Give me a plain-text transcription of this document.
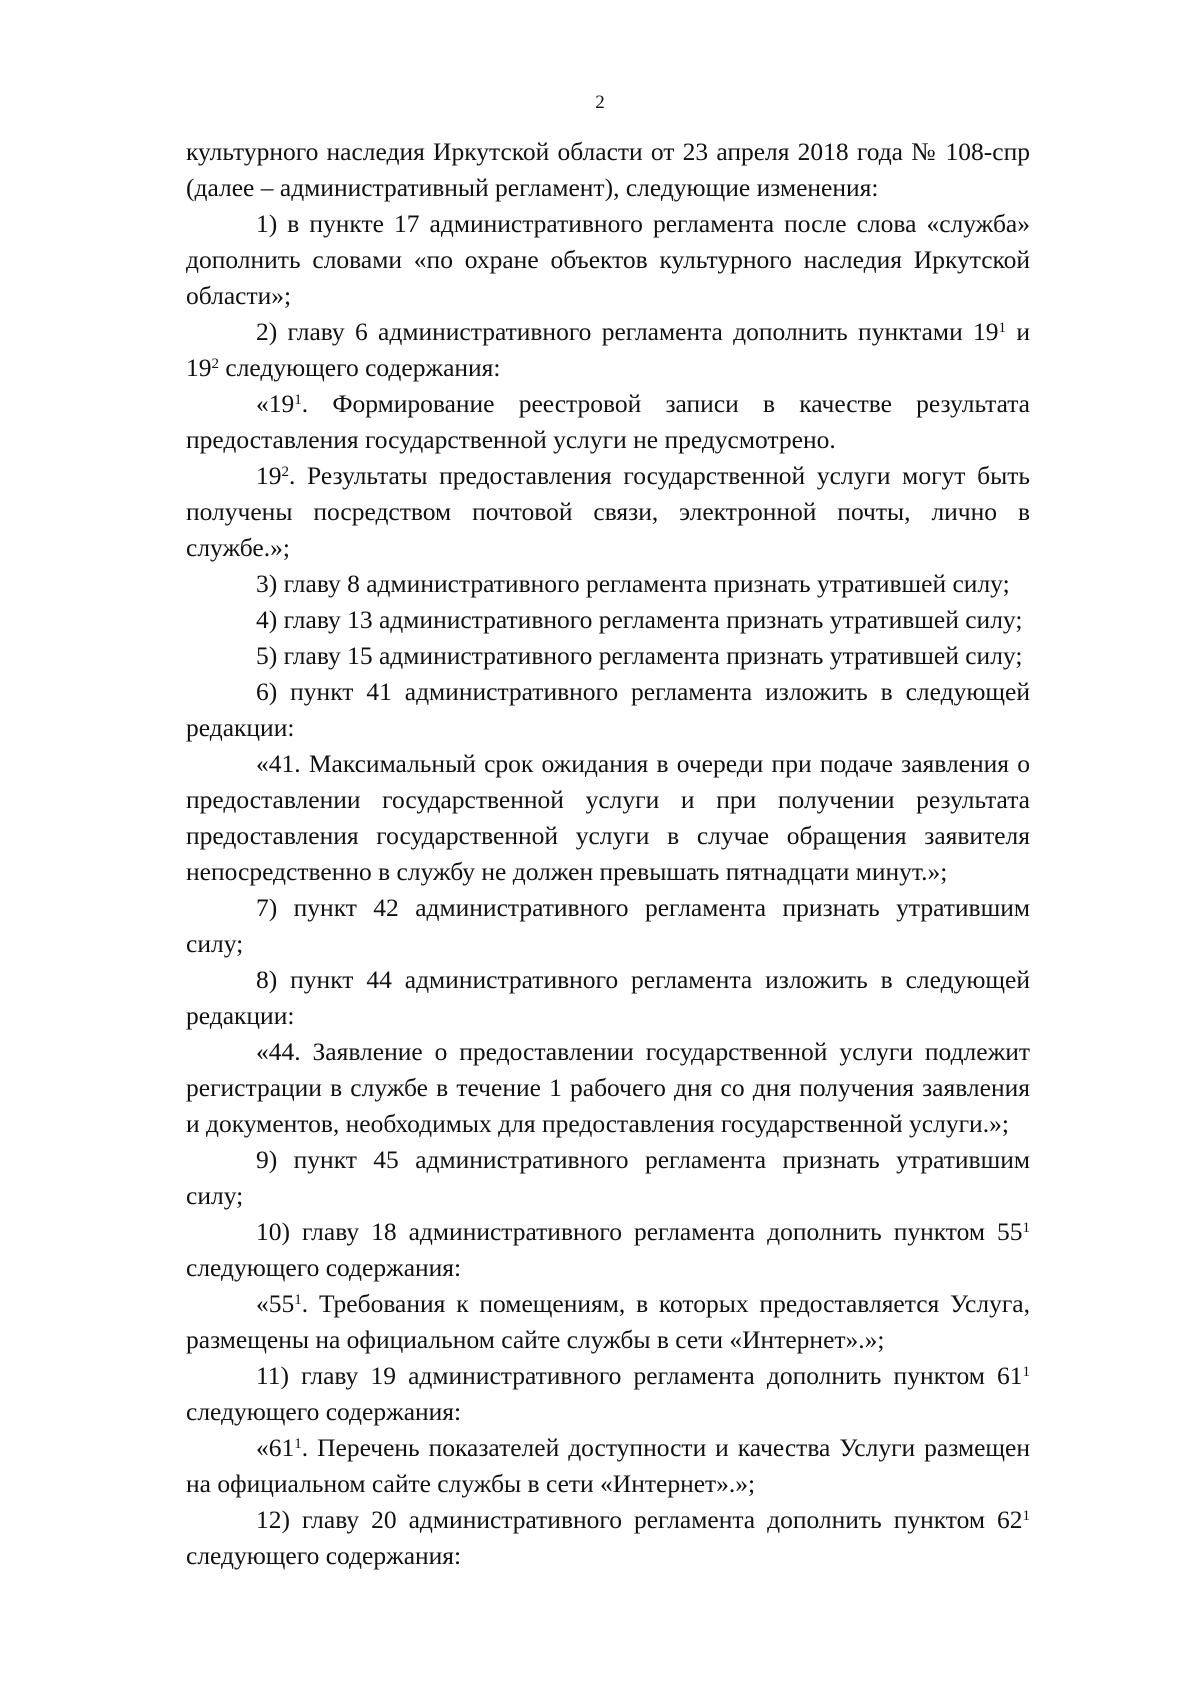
2

культурного наследия Иркутской области от 23 апреля 2018 года № 108-спр (далее – административный регламент), следующие изменения:

1) в пункте 17 административного регламента после слова «служба» дополнить словами «по охране объектов культурного наследия Иркутской области»;

2) главу 6 административного регламента дополнить пунктами $19^1$ и $19^2$ следующего содержания:

«$19^1$. Формирование реестровой записи в качестве результата предоставления государственной услуги не предусмотрено.

$19^2$. Результаты предоставления государственной услуги могут быть получены посредством почтовой связи, электронной почты, лично в службе.»;

3) главу 8 административного регламента признать утратившей силу;

4) главу 13 административного регламента признать утратившей силу;

5) главу 15 административного регламента признать утратившей силу;

6) пункт 41 административного регламента изложить в следующей редакции:

«41. Максимальный срок ожидания в очереди при подаче заявления о предоставлении государственной услуги и при получении результата предоставления государственной услуги в случае обращения заявителя непосредственно в службу не должен превышать пятнадцати минут.»;

7) пункт 42 административного регламента признать утратившим силу;

8) пункт 44 административного регламента изложить в следующей редакции:

«44. Заявление о предоставлении государственной услуги подлежит регистрации в службе в течение 1 рабочего дня со дня получения заявления и документов, необходимых для предоставления государственной услуги.»;

9) пункт 45 административного регламента признать утратившим силу;

10) главу 18 административного регламента дополнить пунктом $55^1$ следующего содержания:

«$55^1$. Требования к помещениям, в которых предоставляется Услуга, размещены на официальном сайте службы в сети «Интернет».»;

11) главу 19 административного регламента дополнить пунктом $61^1$ следующего содержания:

«$61^1$. Перечень показателей доступности и качества Услуги размещен на официальном сайте службы в сети «Интернет».»;

12) главу 20 административного регламента дополнить пунктом $62^1$ следующего содержания:
